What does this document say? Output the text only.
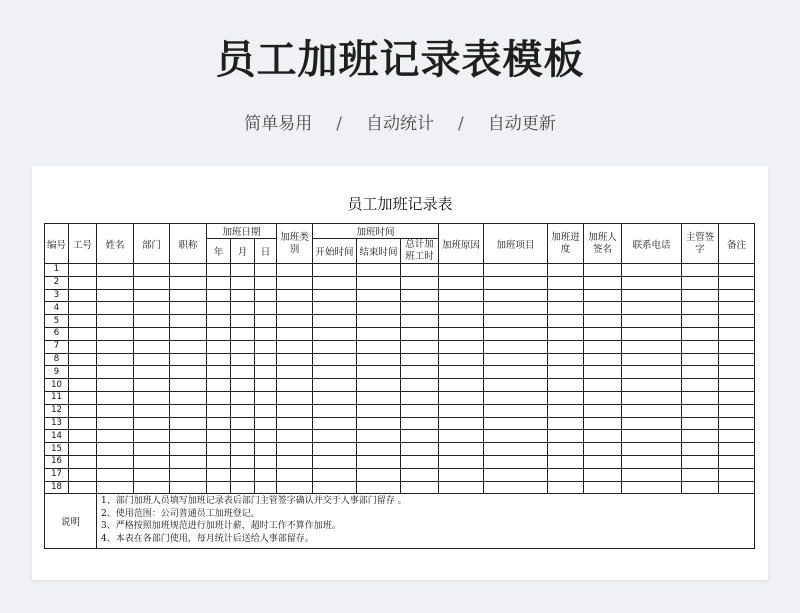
员工加班记录表模板
简单易用 / 自动统计 / 自动更新
员工加班记录表
编号	工号	姓名	部门	职称	加班日期			加班类别	加班时间			加班原因	加班项目	加班进度	加班人签名	联系电话	主管签字	备注
					年	月	日		开始时间	结束时间	总计加班工时							
1																		
2																		
3																		
4																		
5																		
6																		
7																		
8																		
9																		
10																		
11																		
12																		
13																		
14																		
15																		
16																		
17																		
18																		
说明		1、部门加班人员填写加班记录表后部门主管签字确认并交于人事部门留存 。
2、使用范围：公司普通员工加班登记。
3、严格按照加班规范进行加班计薪，超时工作不算作加班。
4、本表在各部门使用，每月统计后送给人事部留存。																
